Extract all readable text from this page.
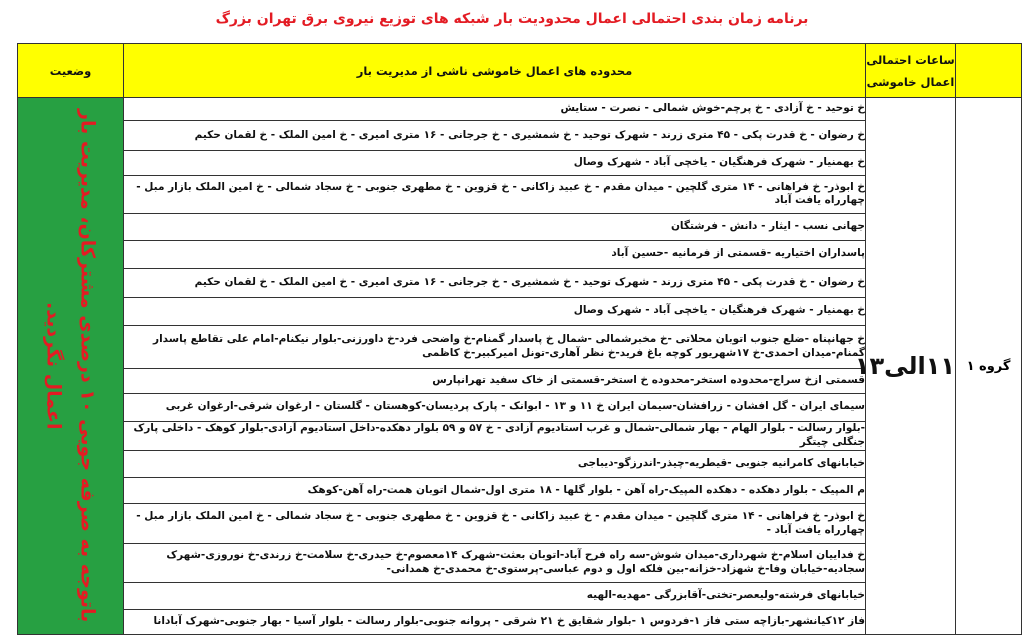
برنامه زمان بندی احتمالی اعمال محدودیت بار شبکه های توزیع نیروی برق تهران بزرگ
	ساعات احتمالی اعمال خاموشی	محدوده های اعمال خاموشی ناشی از مدیریت بار	وضعیت
گروه ۱	۱۱الی۱۳	خ توحید - خ آزادی - خ پرچم-خوش شمالی - نصرت - ستایش	باتوجه به صرفه جویی ۱۰ درصدی مشترکان، مدیریت بار اعمال نگردید.

		خ رضوان - خ قدرت پکی - ۴۵ متری زرند - شهرک توحید - خ شمشیری - خ جرجانی - ۱۶ متری امیری - خ امین الملک - خ لقمان حکیم	
		خ بهمنیار - شهرک فرهنگیان - یاخچی آباد - شهرک وصال	
		خ ابوذر- خ فراهانی - ۱۴ متری گلچین - میدان مقدم - خ عبید زاکانی - خ قزوین - خ مطهری جنوبی - خ سجاد شمالی - خ امین الملک بازار مبل - چهارراه یافت آباد	
		جهانی نسب - ایثار - دانش - فرشتگان	
		پاسداران اختیاریه -قسمتی از فرمانیه -حسین آباد	
		خ رضوان - خ قدرت پکی - ۴۵ متری زرند - شهرک توحید - خ شمشیری - خ جرجانی - ۱۶ متری امیری - خ امین الملک - خ لقمان حکیم	
		خ بهمنیار - شهرک فرهنگیان - یاخچی آباد - شهرک وصال	
		خ جهانپناه -ضلع جنوب اتوبان محلاتی -خ مخبرشمالی -شمال خ پاسدار گمنام-خ واضحی فرد-خ داورزنی-بلوار نیکنام-امام علی تقاطع پاسدار گمنام-میدان احمدی-خ ۱۷شهریور کوچه باغ فرید-خ نظر آهاری-تونل امیرکبیر-خ کاظمی	
		قسمتی ازخ سراج-محدوده استخر-محدوده خ استخر-قسمتی از خاک سفید تهرانپارس	
		سیمای ایران - گل افشان - زرافشان-سیمان ایران خ ۱۱ و ۱۳ - ابوانک - پارک پردیسان-کوهستان - گلستان - ارغوان شرقی-ارغوان غربی	
		-بلوار رسالت - بلوار الهام - بهار شمالی-شمال و غرب استادیوم آزادی - خ ۵۷ و ۵۹ بلوار دهکده-داخل استادیوم آزادی-بلوار کوهک - داخلی پارک جنگلی چیتگر	
		خیابانهای کامرانیه جنوبی -قیطریه-چیذر-اندرزگو-دیباجی	
		م المپیک - بلوار دهکده - دهکده المپیک-راه آهن - بلوار گلها - ۱۸ متری اول-شمال اتوبان همت-راه آهن-کوهک	
		خ ابوذر- خ فراهانی - ۱۴ متری گلچین - میدان مقدم - خ عبید زاکانی - خ قزوین - خ مطهری جنوبی - خ سجاد شمالی - خ امین الملک بازار مبل - چهارراه یافت آباد -	
		خ فداییان اسلام-خ شهرداری-میدان شوش-سه راه فرح آباد-اتوبان بعثت-شهرک ۱۴معصوم-خ حیدری-خ سلامت-خ زرندی-خ نوروزی-شهرک سجادیه-خیابان وفا-خ شهزاد-خزانه-بین فلکه اول و دوم عباسی-پرستوی-خ محمدی-خ همدانی-	
		خیابانهای فرشته-ولیعصر-تختی-آقابزرگی -مهدیه-الهیه	
		فاز ۱۲کیانشهر-بازاچه ستی فاز ۱-فردوس ۱ -بلوار شقایق خ ۲۱ شرقی - پروانه جنوبی-بلوار رسالت - بلوار آسیا - بهار جنوبی-شهرک آبادانا	
